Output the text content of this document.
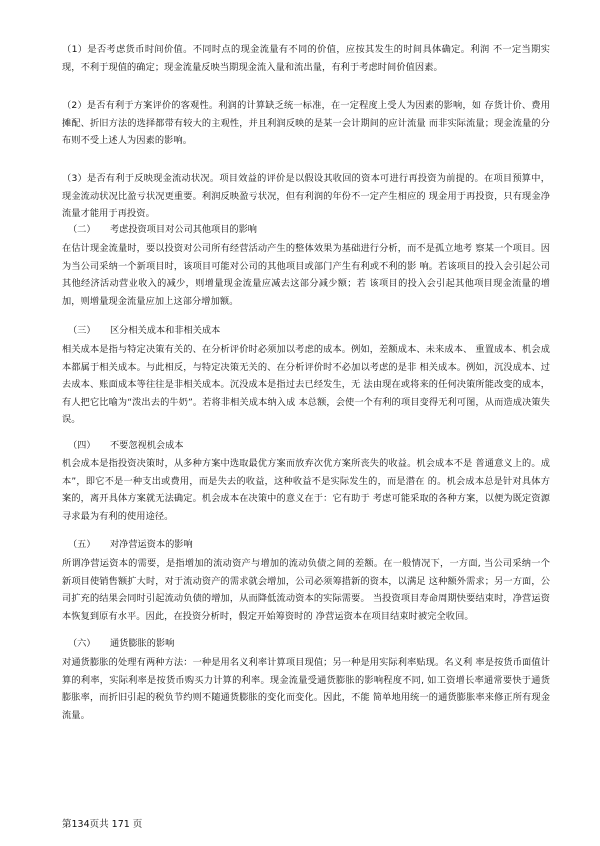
（1）是否考虑货币时间价值。不同时点的现金流量有不同的价值，应按其发生的时间具体确定。利润 不一定当期实现，不利于现值的确定；现金流量反映当期现金流入量和流出量，有利于考虑时间价值因素。

（2）是否有利于方案评价的客观性。利润的计算缺乏统一标准，在一定程度上受人为因素的影响，如 存货计价、费用摊配、折旧方法的选择都带有较大的主观性，并且利润反映的是某一会计期间的应计流量 而非实际流量；现金流量的分布则不受上述人为因素的影响。

（3）是否有利于反映现金流动状况。项目效益的评价是以假设其收回的资本可进行再投资为前提的。在项目预算中，现金流动状况比盈亏状况更重要。利润反映盈亏状况，但有利润的年份不一定产生相应的 现金用于再投资，只有现金净流量才能用于再投资。

（二） 考虑投资项目对公司其他项目的影响

在估计现金流量时，要以投资对公司所有经营活动产生的整体效果为基础进行分析，而不是孤立地考 察某一个项目。因为当公司采纳一个新项目时，该项目可能对公司的其他项目或部门产生有利或不利的影 响。若该项目的投入会引起公司其他经济活动营业收入的减少，则增量现金流量应减去这部分减少额；若 该项目的投入会引起其他项目现金流量的增加，则增量现金流量应加上这部分增加额。

（三） 区分相关成本和非相关成本

相关成本是指与特定决策有关的、在分析评价时必须加以考虑的成本。例如，差额成本、未来成本、 重置成本、机会成本都属于相关成本。与此相反，与特定决策无关的、在分析评价时不必加以考虑的是非 相关成本。例如，沉没成本、过去成本、账面成本等往往是非相关成本。沉没成本是指过去已经发生，无 法由现在或将来的任何决策所能改变的成本，有人把它比喻为“泼出去的牛奶”。若将非相关成本纳入成 本总额，会使一个有利的项目变得无利可图，从而造成决策失误。

（四） 不要忽视机会成本

机会成本是指投资决策时，从多种方案中选取最优方案而放弃次优方案所丧失的收益。机会成本不是 普通意义上的。成本”，即它不是一种支出或费用，而是失去的收益，这种收益不是实际发生的，而是潜在 的。机会成本总是针对具体方案的，离开具体方案就无法确定。机会成本在决策中的意义在于：它有助于 考虑可能采取的各种方案，以便为既定资源寻求最为有利的使用途径。

（五） 对净营运资本的影响

所谓净营运资本的需要，是指增加的流动资产与增加的流动负债之间的差额。在一般情况下，一方面, 当公司采纳一个新项目使销售额扩大时，对于流动资产的需求就会增加，公司必须筹措新的资本，以满足 这种额外需求；另一方面，公司扩充的结果会同时引起流动负债的增加，从而降低流动资本的实际需要。 当投资项目寿命周期快要结束时，净营运资本恢复到原有水平。因此，在投资分析时，假定开始筹资时的 净营运资本在项目结束时被完全收回。

（六） 通货膨胀的影响

对通货膨胀的处理有两种方法：一种是用名义利率计算项目现值；另一种是用实际利率贴现。名义利 率是按货币面值计算的利率，实际利率是按货币购买力计算的利率。现金流量受通货膨胀的影响程度不同, 如工资增长率通常要快于通货膨胀率，而折旧引起的税负节约则不随通货膨胀的变化而变化。因此，不能 简单地用统一的通货膨胀率来修正所有现金流量。

第134页共 171 页
